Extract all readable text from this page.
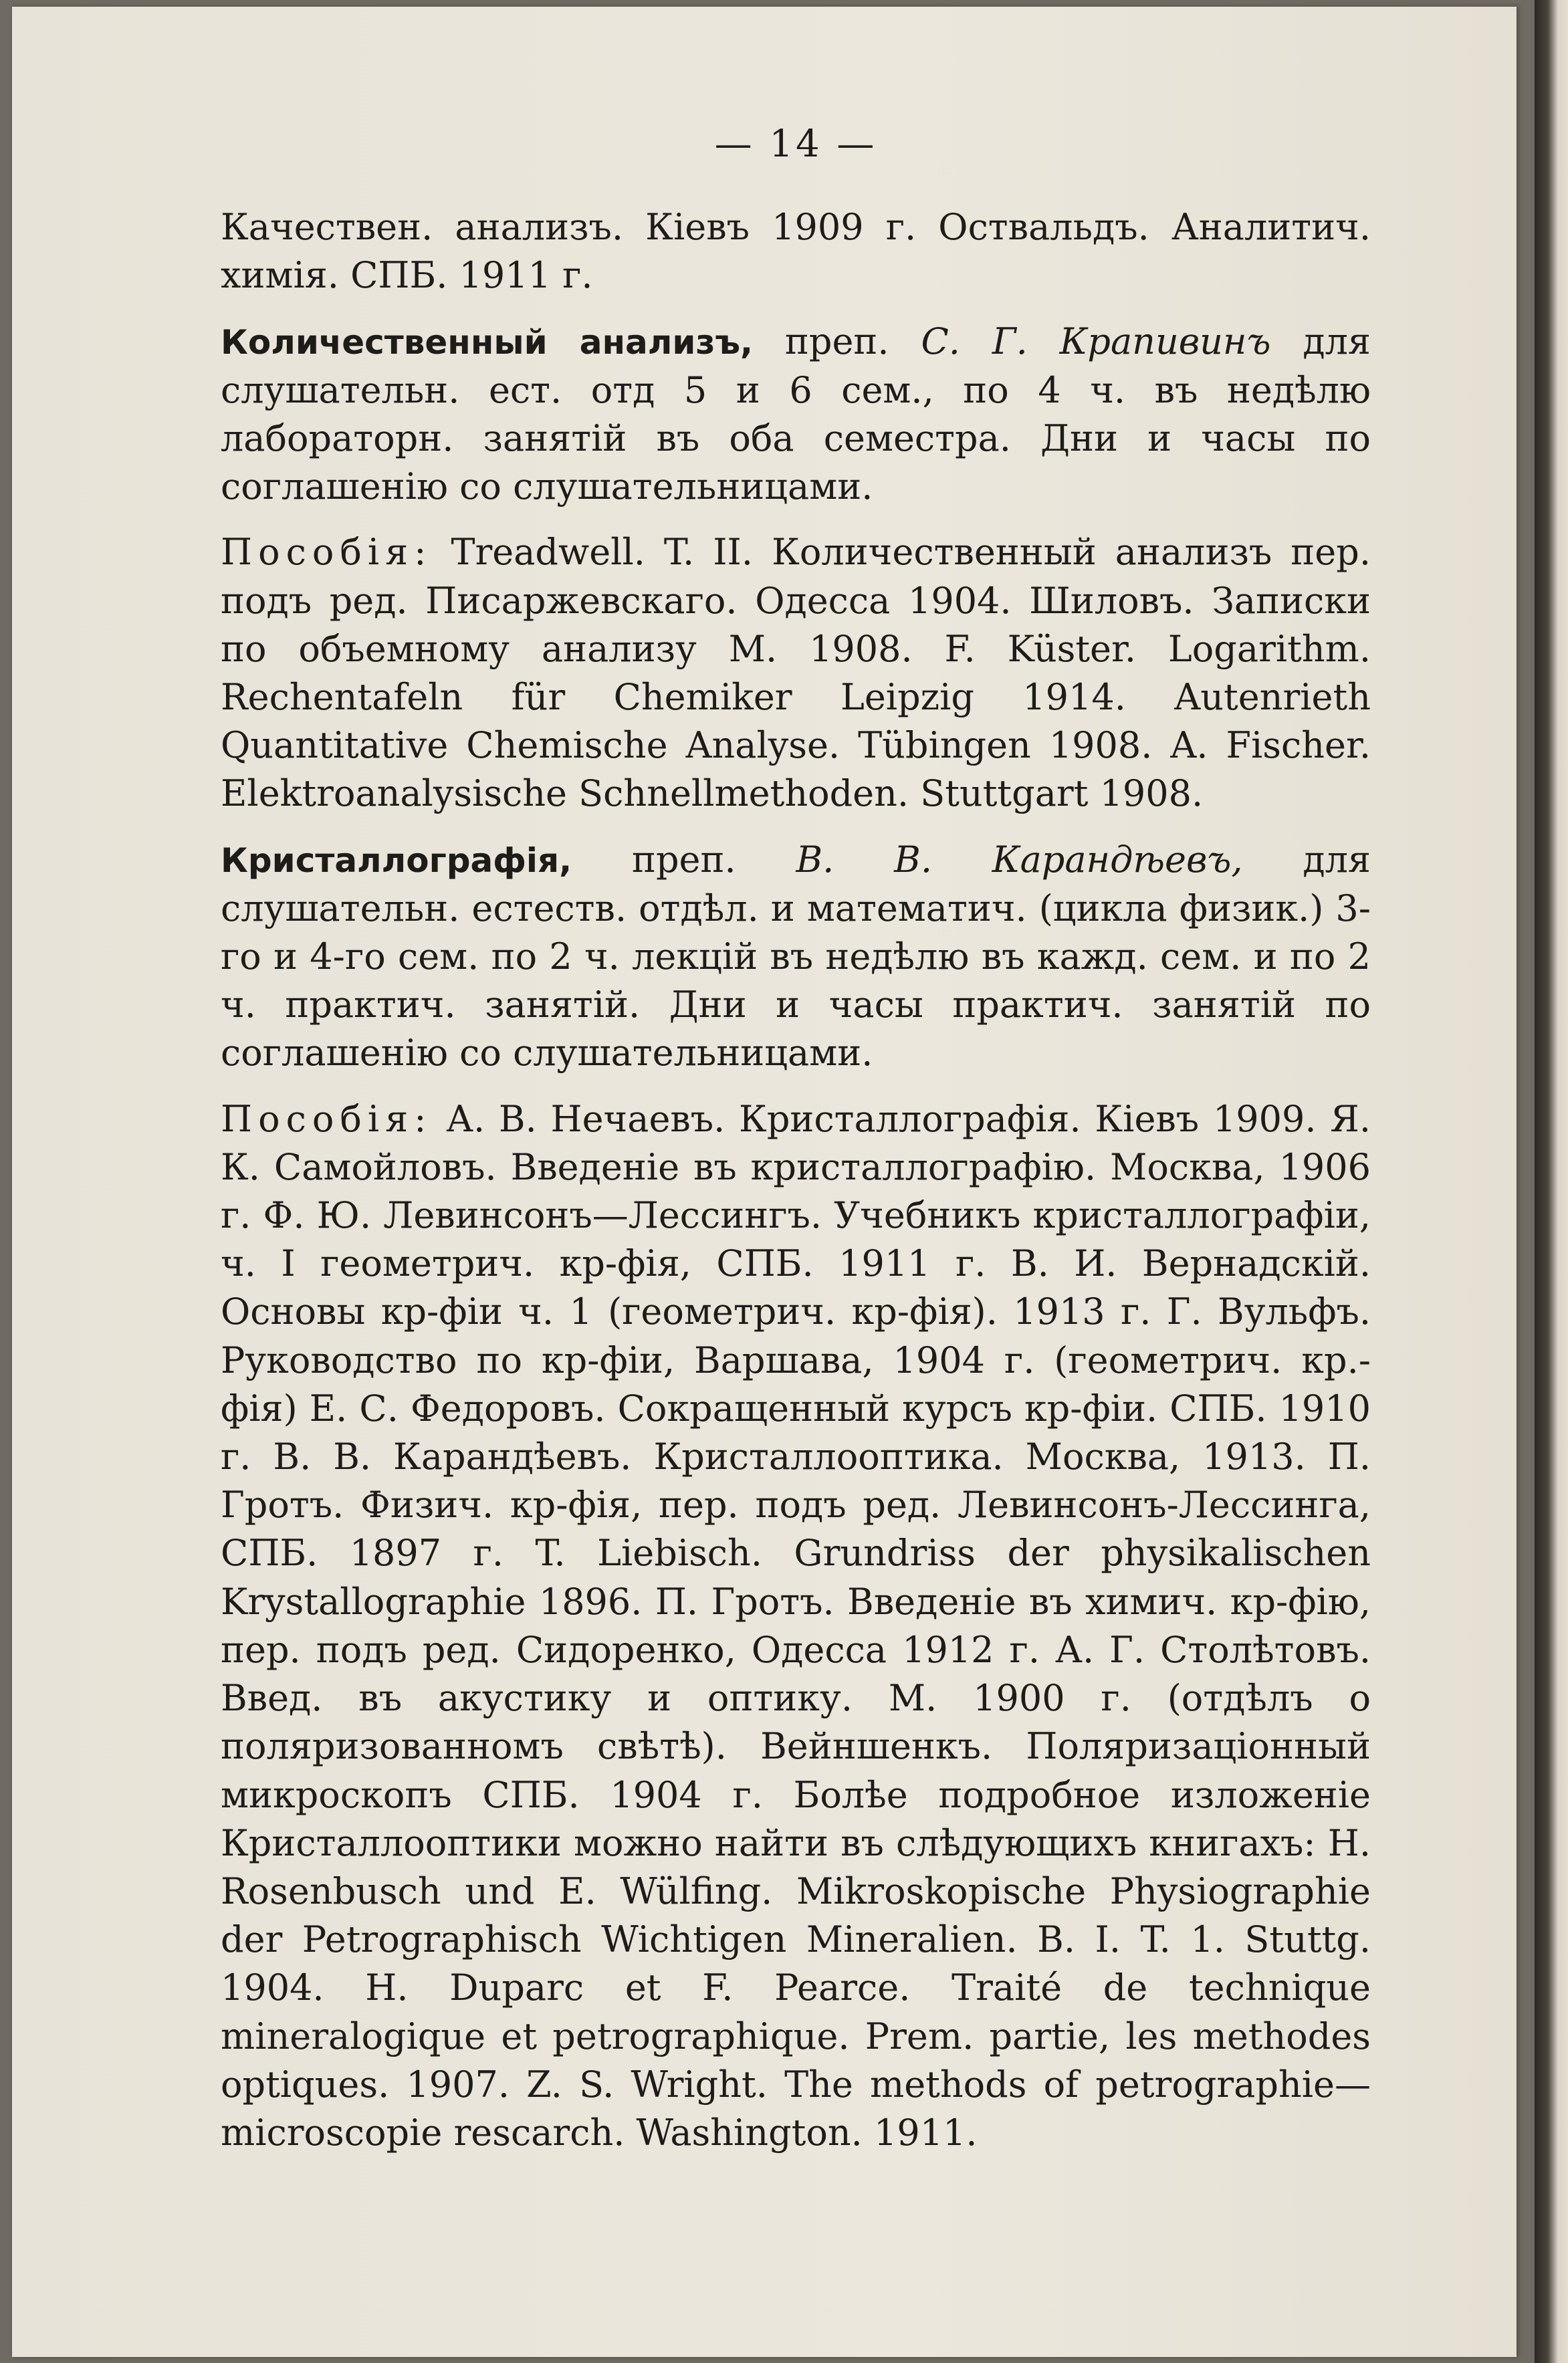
— 14 —

Качествен. анализъ. Кіевъ 1909 г. Оствальдъ. Аналитич. химія. СПБ. 1911 г.

Количественный анализъ, преп. С. Г. Крапивинъ для слушательн. ест. отд 5 и 6 сем., по 4 ч. въ недѣлю лабораторн. занятій въ оба семестра. Дни и часы по соглашенію со слушательницами.

Пособія: Treadwell. T. II. Количественный анализъ пер. подъ ред. Писаржевскаго. Одесса 1904. Шиловъ. Записки по объемному анализу М. 1908. F. Küster. Logarithm. Rechentafeln für Chemiker Leipzig 1914. Autenrieth Quantitative Chemische Analyse. Tübingen 1908. A. Fischer. Elektroanalysische Schnellmethoden. Stuttgart 1908.

Кристаллографія, преп. В. В. Карандѣевъ, для слушательн. естеств. отдѣл. и математич. (цикла физик.) 3-го и 4-го сем. по 2 ч. лекцій въ недѣлю въ кажд. сем. и по 2 ч. практич. занятій. Дни и часы практич. занятій по соглашенію со слушательницами.

Пособія: А. В. Нечаевъ. Кристаллографія. Кіевъ 1909. Я. К. Самойловъ. Введеніе въ кристаллографію. Москва, 1906 г. Ф. Ю. Левинсонъ—Лессингъ. Учебникъ кристаллографіи, ч. I геометрич. кр-фія, СПБ. 1911 г. В. И. Вернадскій. Основы кр-фіи ч. 1 (геометрич. кр-фія). 1913 г. Г. Вульфъ. Руководство по кр-фіи, Варшава, 1904 г. (геометрич. кр.-фія) Е. С. Федоровъ. Сокращенный курсъ кр-фіи. СПБ. 1910 г. В. В. Карандѣевъ. Кристаллооптика. Москва, 1913. П. Гротъ. Физич. кр-фія, пер. подъ ред. Левинсонъ-Лессинга, СПБ. 1897 г. T. Liebisch. Grundriss der physikalischen Krystallographie 1896. П. Гротъ. Введеніе въ химич. кр-фію, пер. подъ ред. Сидоренко, Одесса 1912 г. А. Г. Столѣтовъ. Введ. въ акустику и оптику. М. 1900 г. (отдѣлъ о поляризованномъ свѣтѣ). Вейншенкъ. Поляризаціонный микроскопъ СПБ. 1904 г. Болѣе подробное изложеніе Кристаллооптики можно найти въ слѣдующихъ книгахъ: H. Rosenbusch und E. Wülfing. Mikroskopische Physiographie der Petrographisch Wichtigen Mineralien. B. I. T. 1. Stuttg. 1904. H. Duparc et F. Pearce. Traité de technique mineralogique et petrographique. Prem. partie, les methodes optiques. 1907. Z. S. Wright. The methods of petrographie—microscopie rescarch. Washington. 1911.
